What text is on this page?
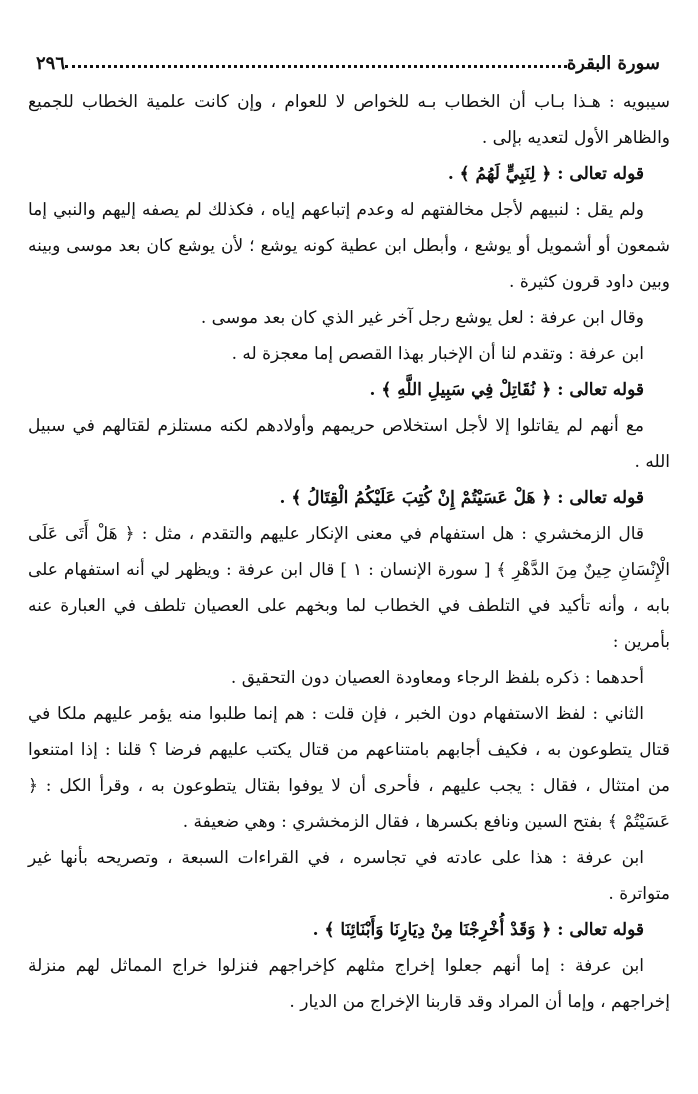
سورة البقرة
٢٩٦

سيبويه : هـذا بـاب أن الخطاب بـه للخواص لا للعوام ، وإن كانت علمية الخطاب للجميع والظاهر الأول لتعديه بإلى .

قوله تعالى : ﴿ لِنَبِيٍّ لَهُمُ ﴾ .

ولم يقل : لنبيهم لأجل مخالفتهم له وعدم إتباعهم إياه ، فكذلك لم يصفه إليهم والنبي إما شمعون أو أشمويل أو يوشع ، وأبطل ابن عطية كونه يوشع ؛ لأن يوشع كان بعد موسى وبينه وبين داود قرون كثيرة .

وقال ابن عرفة : لعل يوشع رجل آخر غير الذي كان بعد موسى .

ابن عرفة : وتقدم لنا أن الإخبار بهذا القصص إما معجزة له .

قوله تعالى : ﴿ نُقَاتِلْ فِي سَبِيلِ اللَّهِ ﴾ .

مع أنهم لم يقاتلوا إلا لأجل استخلاص حريمهم وأولادهم لكنه مستلزم لقتالهم في سبيل الله .

قوله تعالى : ﴿ هَلْ عَسَيْتُمْ إِنْ كُتِبَ عَلَيْكُمُ الْقِتَالُ ﴾ .

قال الزمخشري : هل استفهام في معنى الإنكار عليهم والتقدم ، مثل : ﴿ هَلْ أَتَى عَلَى الْإِنْسَانِ حِينٌ مِنَ الدَّهْرِ ﴾ [ سورة الإنسان : ١ ] قال ابن عرفة : ويظهر لي أنه استفهام على بابه ، وأنه تأكيد في التلطف في الخطاب لما وبخهم على العصيان تلطف في العبارة عنه بأمرين :

أحدهما : ذكره بلفظ الرجاء ومعاودة العصيان دون التحقيق .

الثاني : لفظ الاستفهام دون الخبر ، فإن قلت : هم إنما طلبوا منه يؤمر عليهم ملكا في قتال يتطوعون به ، فكيف أجابهم بامتناعهم من قتال يكتب عليهم فرضا ؟ قلنا : إذا امتنعوا من امتثال ، فقال : يجب عليهم ، فأحرى أن لا يوفوا بقتال يتطوعون به ، وقرأ الكل : ﴿ عَسَيْتُمْ ﴾ بفتح السين ونافع بكسرها ، فقال الزمخشري : وهي ضعيفة .

ابن عرفة : هذا على عادته في تجاسره ، في القراءات السبعة ، وتصريحه بأنها غير متواترة .

قوله تعالى : ﴿ وَقَدْ أُخْرِجْنَا مِنْ دِيَارِنَا وَأَبْنَائِنَا ﴾ .

ابن عرفة : إما أنهم جعلوا إخراج مثلهم كإخراجهم فنزلوا خراج المماثل لهم منزلة إخراجهم ، وإما أن المراد وقد قاربنا الإخراج من الديار .
